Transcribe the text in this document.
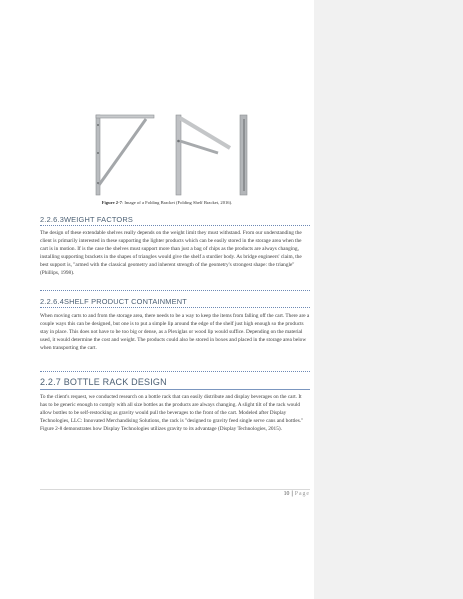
Figure 2-7: Image of a Folding Bracket (Folding Shelf Bracket, 2016).
2.2.6.3WEIGHT FACTORS
The design of these extendable shelves really depends on the weight limit they must withstand. From our understanding the client is primarily interested in these supporting the lighter products which can be easily stored in the storage area when the cart is in motion. If is the case the shelves must support more than just a bag of chips as the products are always changing, installing supporting brackets in the shapes of triangles would give the shelf a sturdier body. As bridge engineers' claim, the best support is, "armed with the classical geometry and inherent strength of the geometry's strongest shape: the triangle" (Phillips, 1998).
2.2.6.4SHELF PRODUCT CONTAINMENT
When moving carts to and from the storage area, there needs to be a way to keep the items from falling off the cart. There are a couple ways this can be designed, but one is to put a simple lip around the edge of the shelf just high enough so the products stay in place. This does not have to be too big or dense, as a Plexiglas or wood lip would suffice. Depending on the material used, it would determine the cost and weight. The products could also be stored in boxes and placed in the storage area below when transporting the cart.
2.2.7 BOTTLE RACK DESIGN
To the client's request, we conducted research on a bottle rack that can easily distribute and display beverages on the cart. It has to be generic enough to comply with all size bottles as the products are always changing. A slight tilt of the rack would allow bottles to be self-restocking as gravity would pull the beverages to the front of the cart. Modeled after Display Technologies, LLC: Innovated Merchandising Solutions, the rack is "designed to gravity feed single serve cans and bottles." Figure 2-8 demonstrates how Display Technologies utilizes gravity to its advantage (Display Technologies, 2015).
10 | Page
